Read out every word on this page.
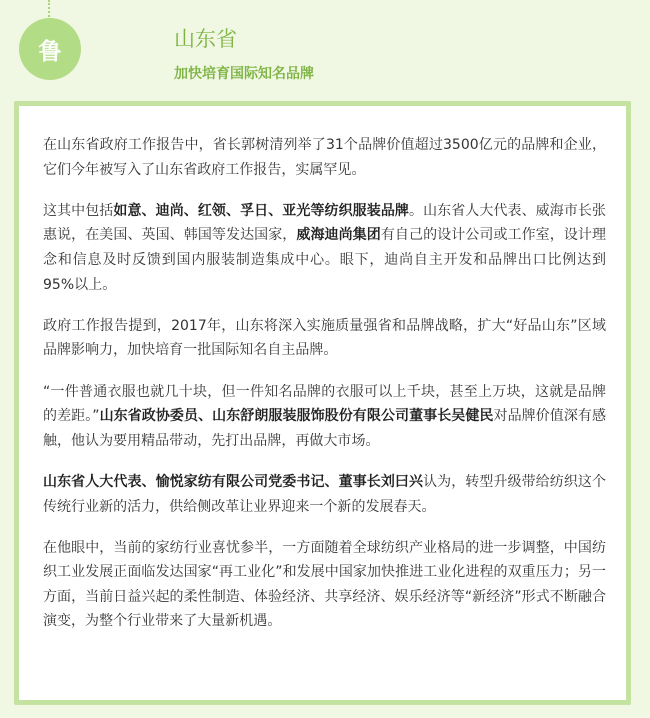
鲁	山东省
加快培育国际知名品牌

在山东省政府工作报告中，省长郭树清列举了31个品牌价值超过3500亿元的品牌和企业，它们今年被写入了山东省政府工作报告，实属罕见。

这其中包括如意、迪尚、红领、孚日、亚光等纺织服装品牌。山东省人大代表、威海市长张惠说，在美国、英国、韩国等发达国家，威海迪尚集团有自己的设计公司或工作室，设计理念和信息及时反馈到国内服装制造集成中心。眼下，迪尚自主开发和品牌出口比例达到95%以上。

政府工作报告提到，2017年，山东将深入实施质量强省和品牌战略，扩大“好品山东”区域品牌影响力，加快培育一批国际知名自主品牌。

“一件普通衣服也就几十块，但一件知名品牌的衣服可以上千块，甚至上万块，这就是品牌的差距。”山东省政协委员、山东舒朗服装服饰股份有限公司董事长吴健民对品牌价值深有感触，他认为要用精品带动，先打出品牌，再做大市场。

山东省人大代表、愉悦家纺有限公司党委书记、董事长刘曰兴认为，转型升级带给纺织这个传统行业新的活力，供给侧改革让业界迎来一个新的发展春天。

在他眼中，当前的家纺行业喜忧参半，一方面随着全球纺织产业格局的进一步调整，中国纺织工业发展正面临发达国家“再工业化”和发展中国家加快推进工业化进程的双重压力；另一方面，当前日益兴起的柔性制造、体验经济、共享经济、娱乐经济等“新经济”形式不断融合演变，为整个行业带来了大量新机遇。
